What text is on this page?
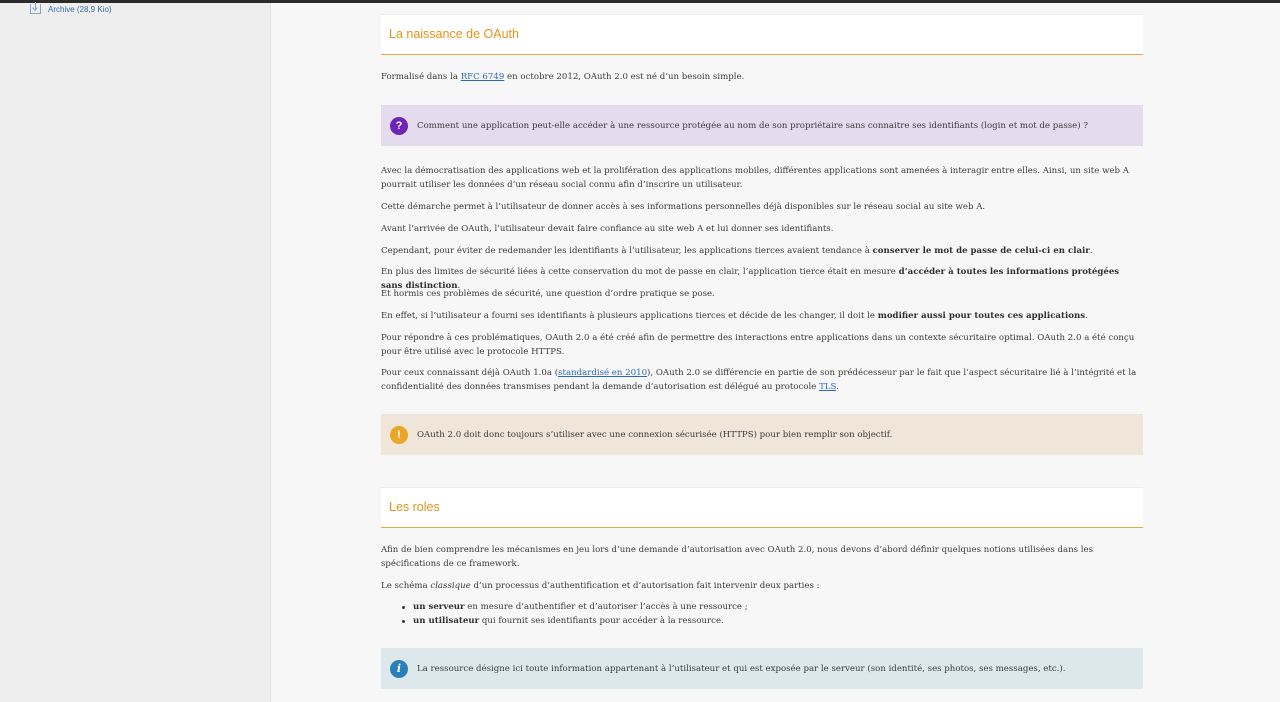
Archive (28,9 Kio)
La naissance de OAuth

Formalisé dans la RFC 6749 en octobre 2012, OAuth 2.0 est né d’un besoin simple.

?	Comment une application peut-elle accéder à une ressource protégée au nom de son propriétaire sans connaitre ses identifiants (login et mot de passe) ?

Avec la démocratisation des applications web et la prolifération des applications mobiles, différentes applications sont amenées à interagir entre elles. Ainsi, un site web A pourrait utiliser les données d’un réseau social connu afin d’inscrire un utilisateur.

Cette démarche permet à l’utilisateur de donner accès à ses informations personnelles déjà disponibles sur le réseau social au site web A.

Avant l’arrivée de OAuth, l’utilisateur devait faire confiance au site web A et lui donner ses identifiants.

Cependant, pour éviter de redemander les identifiants à l’utilisateur, les applications tierces avaient tendance à conserver le mot de passe de celui-ci en clair.

En plus des limites de sécurité liées à cette conservation du mot de passe en clair, l’application tierce était en mesure d’accéder à toutes les informations protégées sans distinction.

Et hormis ces problèmes de sécurité, une question d’ordre pratique se pose.

En effet, si l’utilisateur a fourni ses identifiants à plusieurs applications tierces et décide de les changer, il doit le modifier aussi pour toutes ces applications.

Pour répondre à ces problématiques, OAuth 2.0 a été créé afin de permettre des interactions entre applications dans un contexte sécuritaire optimal. OAuth 2.0 a été conçu pour être utilisé avec le protocole HTTPS.

Pour ceux connaissant déjà OAuth 1.0a (standardisé en 2010), OAuth 2.0 se différencie en partie de son prédécesseur par le fait que l’aspect sécuritaire lié à l’intégrité et la confidentialité des données transmises pendant la demande d’autorisation est délégué au protocole TLS.

!	OAuth 2.0 doit donc toujours s’utiliser avec une connexion sécurisée (HTTPS) pour bien remplir son objectif.
Les roles

Afin de bien comprendre les mécanismes en jeu lors d’une demande d’autorisation avec OAuth 2.0, nous devons d’abord définir quelques notions utilisées dans les spécifications de ce framework.

Le schéma classique d’un processus d’authentification et d’autorisation fait intervenir deux parties :

un serveur en mesure d’authentifier et d’autoriser l’accès à une ressource ;
un utilisateur qui fournit ses identifiants pour accéder à la ressource.
i	La ressource désigne ici toute information appartenant à l’utilisateur et qui est exposée par le serveur (son identité, ses photos, ses messages, etc.).
